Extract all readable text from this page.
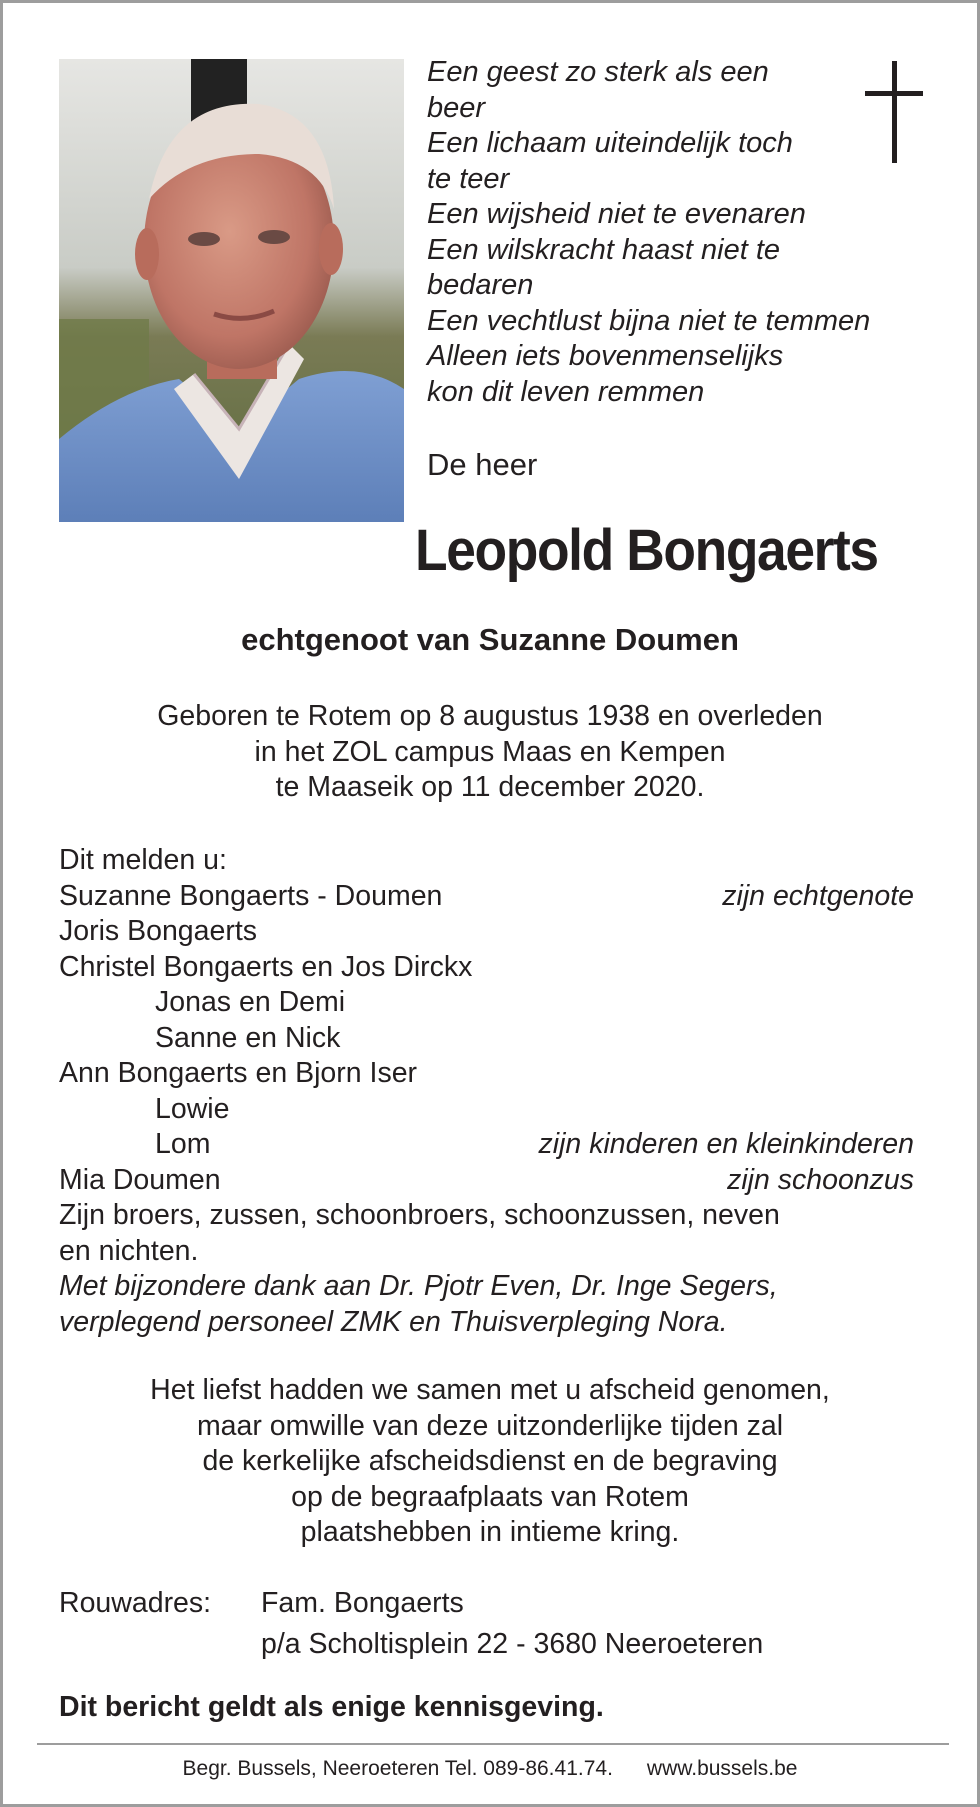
Een geest zo sterk als een
beer
Een lichaam uiteindelijk toch
te teer
Een wijsheid niet te evenaren
Een wilskracht haast niet te
bedaren
Een vechtlust bijna niet te temmen
Alleen iets bovenmenselijks
kon dit leven remmen
De heer
Leopold Bongaerts
echtgenoot van Suzanne Doumen
Geboren te Rotem op 8 augustus 1938 en overleden
in het ZOL campus Maas en Kempen
te Maaseik op 11 december 2020.
Dit melden u:
Suzanne Bongaerts - Doumen	zijn echtgenote
Joris Bongaerts
Christel Bongaerts en Jos Dirckx
Jonas en Demi
Sanne en Nick
Ann Bongaerts en Bjorn Iser
Lowie
Lom	zijn kinderen en kleinkinderen
Mia Doumen	zijn schoonzus
Zijn broers, zussen, schoonbroers, schoonzussen, neven
en nichten.
Met bijzondere dank aan Dr. Pjotr Even, Dr. Inge Segers,
verplegend personeel ZMK en Thuisverpleging Nora.
Het liefst hadden we samen met u afscheid genomen,
maar omwille van deze uitzonderlijke tijden zal
de kerkelijke afscheidsdienst en de begraving
op de begraafplaats van Rotem
plaatshebben in intieme kring.
Rouwadres: Fam. Bongaerts
p/a Scholtisplein 22 - 3680 Neeroeteren
Dit bericht geldt als enige kennisgeving.
Begr. Bussels, Neeroeteren Tel. 089-86.41.74. www.bussels.be
